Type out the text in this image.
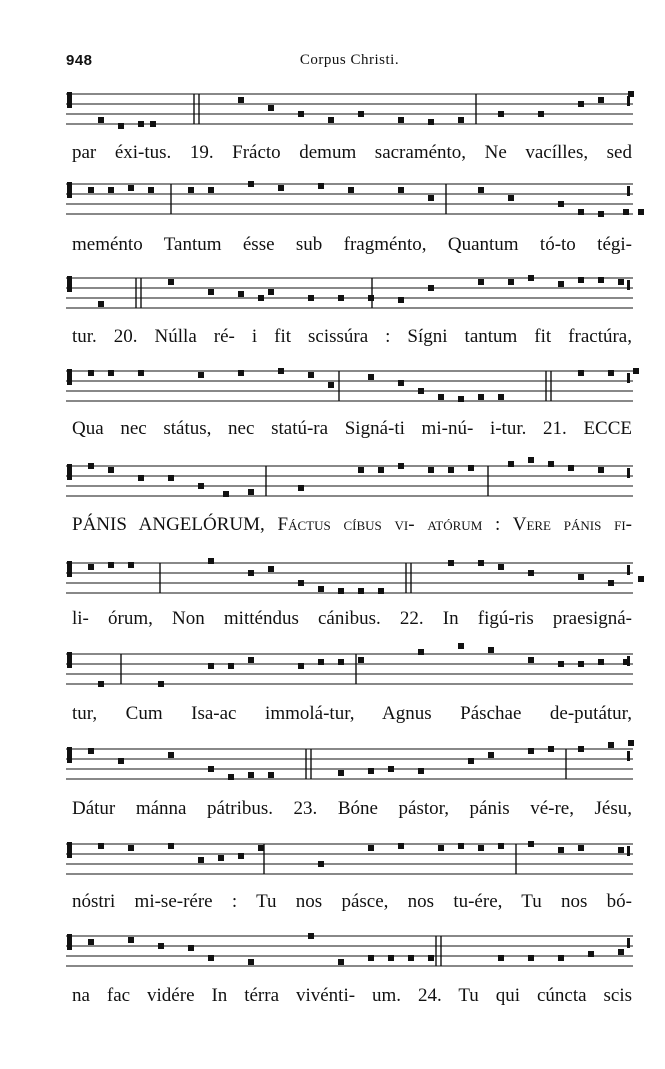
948	Corpus Christi.
par éxi-tus. 19. Frácto demum sacraménto, Ne vacílles, sed
meménto Tantum ésse sub fragménto, Quantum tó-to tégi-
tur. 20. Núlla ré- i fit scissúra : Sígni tantum fit fractúra,
Qua nec státus, nec statú-ra Signá-ti mi-nú- i-tur. 21. ECCE
PÁNIS ANGELÓRUM, Fáctus cíbus vi- atórum : Vere pánis fi-
li- órum, Non mitténdus cánibus. 22. In figú-ris praesigná-
tur, Cum Isa-ac immolá-tur, Agnus Páschae de-putátur,
Dátur mánna pátribus. 23. Bóne pástor, pánis vé-re, Jésu,
nóstri mi-se-rére : Tu nos pásce, nos tu-ére, Tu nos bó-
na fac vidére In térra vivénti- um. 24. Tu qui cúncta scis
